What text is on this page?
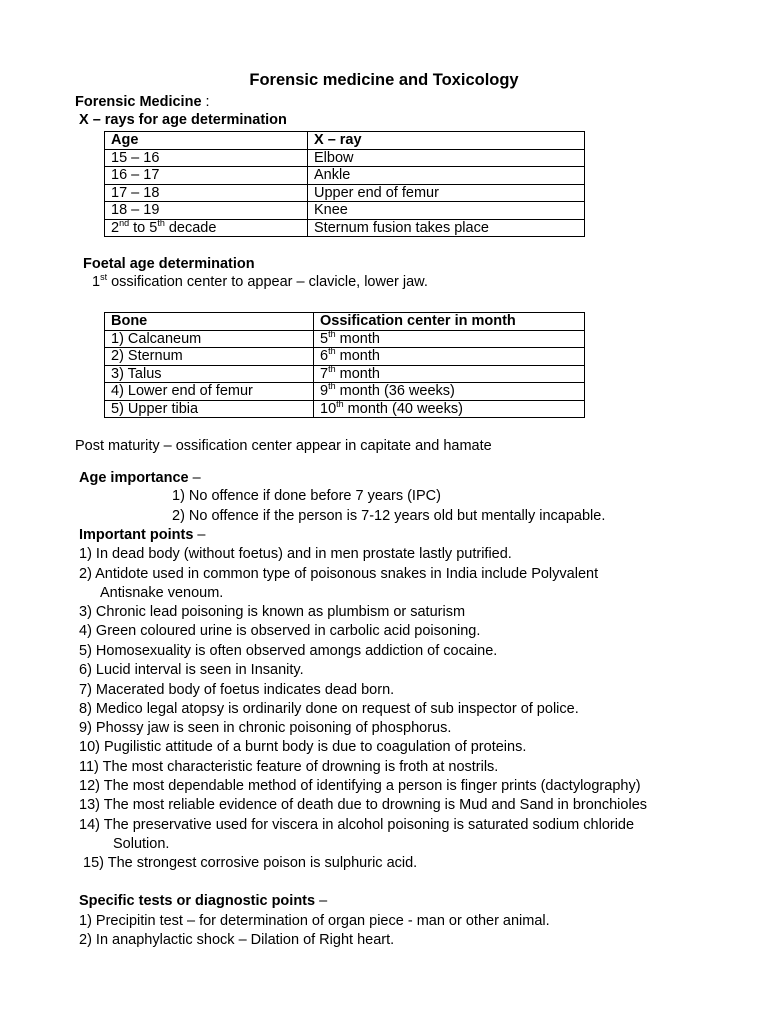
Forensic medicine and Toxicology
Forensic Medicine :
X – rays for age determination
Age	X – ray
15 – 16	Elbow
16 – 17	Ankle
17 – 18	Upper end of femur
18 – 19	Knee
2nd to 5th decade	Sternum fusion takes place
Foetal age determination
1st ossification center to appear – clavicle, lower jaw.
Bone	Ossification center in month
1) Calcaneum	5th month
2) Sternum	6th month
3) Talus	7th month
4) Lower end of femur	9th month (36 weeks)
5) Upper tibia	10th month (40 weeks)
Post maturity – ossification center appear in capitate and hamate
Age importance –
1) No offence if done before 7 years (IPC)
2) No offence if the person is 7-12 years old but mentally incapable.
Important points –
1) In dead body (without foetus) and in men prostate lastly putrified.
2) Antidote used in common type of poisonous snakes in India include Polyvalent
Antisnake venoum.
3) Chronic lead poisoning is known as plumbism or saturism
4) Green coloured urine is observed in carbolic acid poisoning.
5) Homosexuality is often observed amongs addiction of cocaine.
6) Lucid interval is seen in Insanity.
7) Macerated body of foetus indicates dead born.
8) Medico legal atopsy is ordinarily done on request of sub inspector of police.
9) Phossy jaw is seen in chronic poisoning of phosphorus.
10) Pugilistic attitude of a burnt body is due to coagulation of proteins.
11) The most characteristic feature of drowning is froth at nostrils.
12) The most dependable method of identifying a person is finger prints (dactylography)
13) The most reliable evidence of death due to drowning is Mud and Sand in bronchioles
14) The preservative used for viscera in alcohol poisoning is saturated sodium chloride
Solution.
15) The strongest corrosive poison is sulphuric acid.
Specific tests or diagnostic points –
1) Precipitin test – for determination of organ piece - man or other animal.
2) In anaphylactic shock – Dilation of Right heart.
